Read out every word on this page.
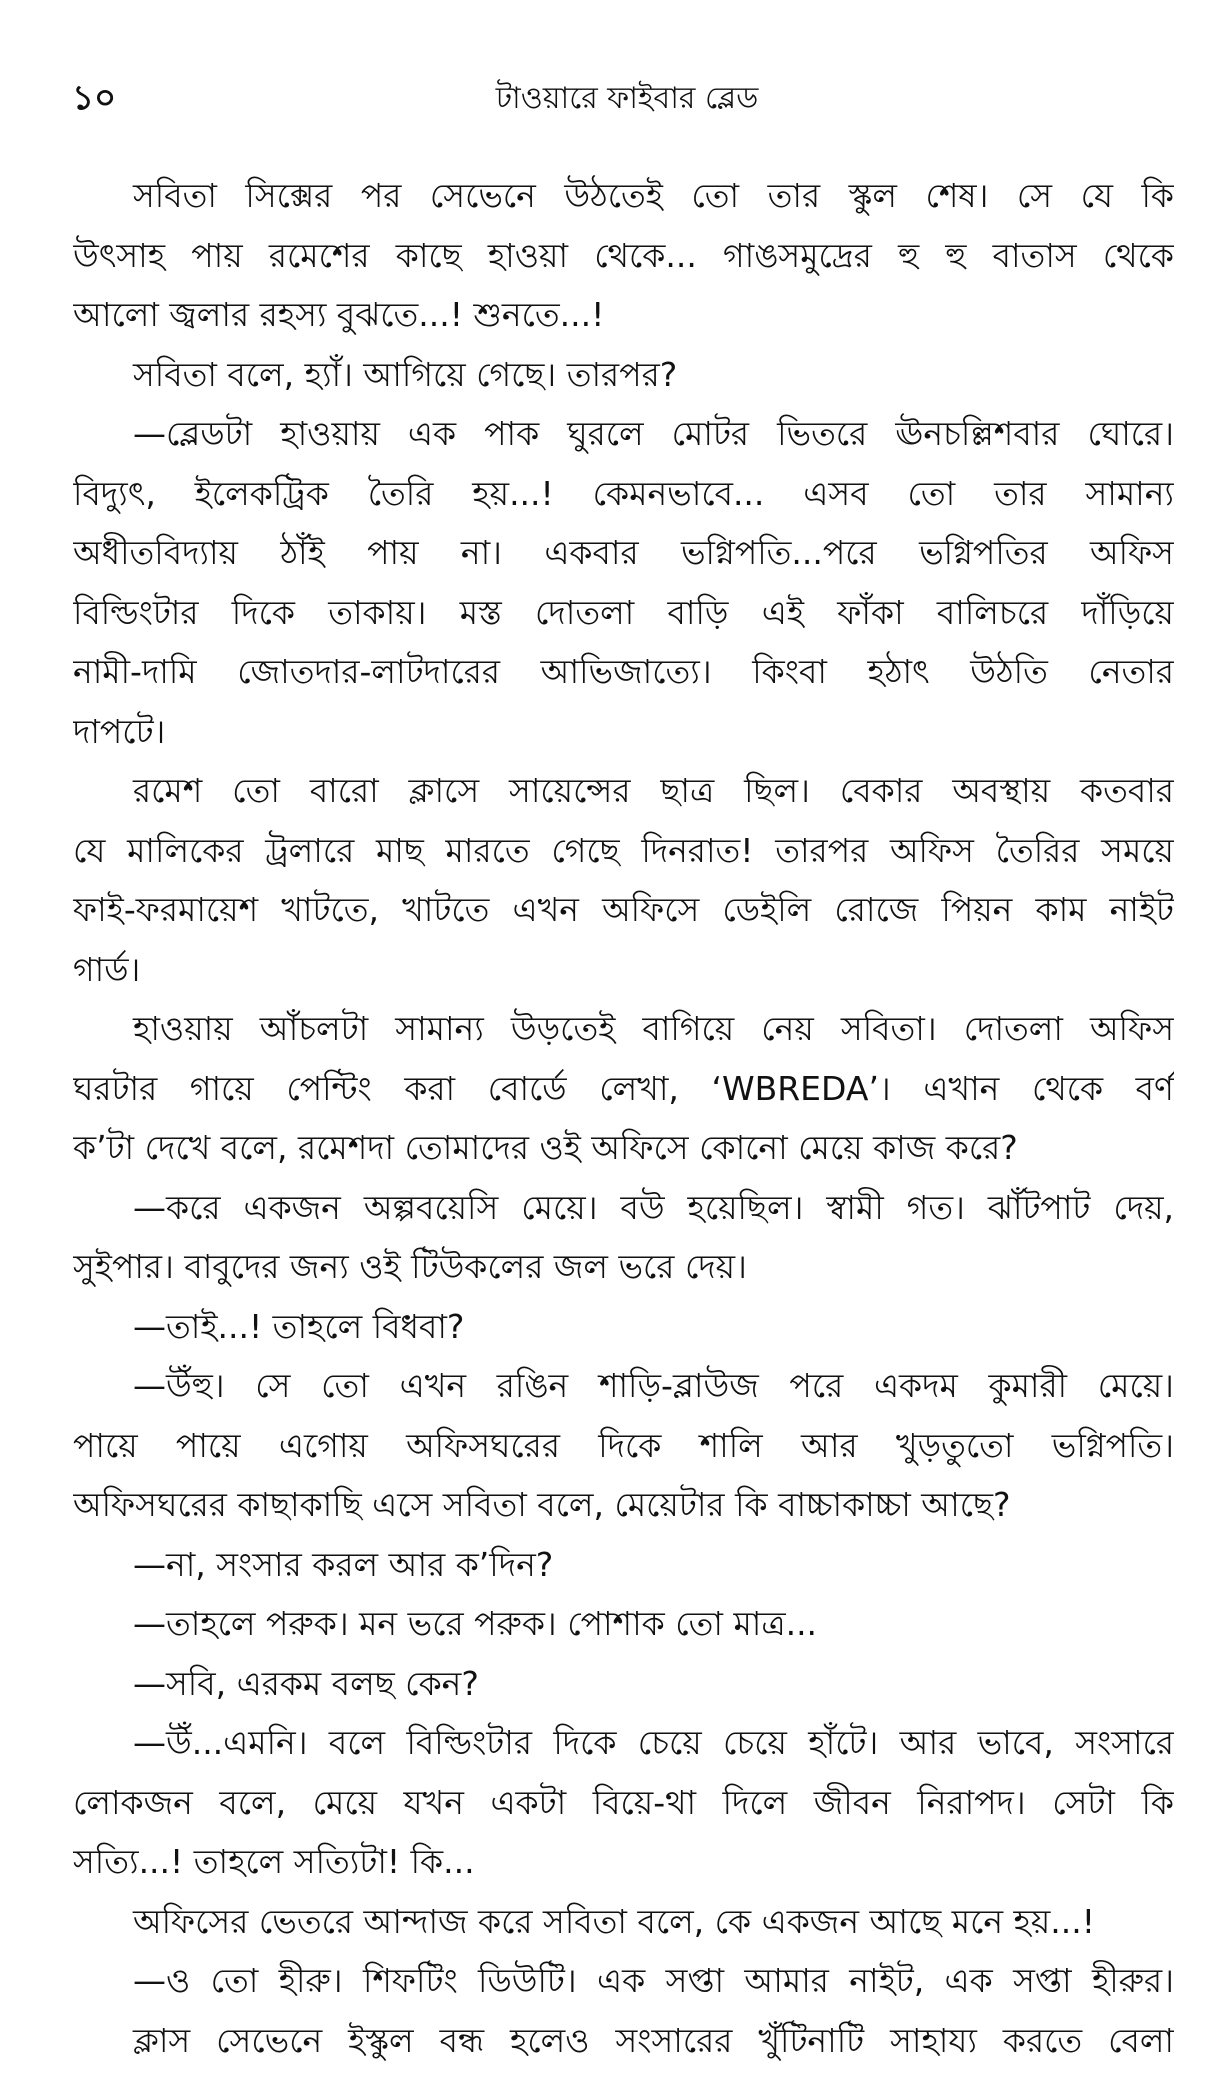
১০	টাওয়ারে ফাইবার ব্লেড
সবিতা সিক্সের পর সেভেনে উঠতেই তো তার স্কুল শেষ। সে যে কি
উৎসাহ পায় রমেশের কাছে হাওয়া থেকে... গাঙসমুদ্রের হু হু বাতাস থেকে
আলো জ্বলার রহস্য বুঝতে...! শুনতে...!
সবিতা বলে, হ্যাঁ। আগিয়ে গেছে। তারপর?
—ব্লেডটা হাওয়ায় এক পাক ঘুরলে মোটর ভিতরে ঊনচল্লিশবার ঘোরে।
বিদ্যুৎ, ইলেকট্রিক তৈরি হয়...! কেমনভাবে... এসব তো তার সামান্য
অধীতবিদ্যায় ঠাঁই পায় না। একবার ভগ্নিপতি...পরে ভগ্নিপতির অফিস
বিল্ডিংটার দিকে তাকায়। মস্ত দোতলা বাড়ি এই ফাঁকা বালিচরে দাঁড়িয়ে
নামী-দামি জোতদার-লাটদারের আভিজাত্যে। কিংবা হঠাৎ উঠতি নেতার
দাপটে।
রমেশ তো বারো ক্লাসে সায়েন্সের ছাত্র ছিল। বেকার অবস্থায় কতবার
যে মালিকের ট্রলারে মাছ মারতে গেছে দিনরাত! তারপর অফিস তৈরির সময়ে
ফাই-ফরমায়েশ খাটতে, খাটতে এখন অফিসে ডেইলি রোজে পিয়ন কাম নাইট
গার্ড।
হাওয়ায় আঁচলটা সামান্য উড়তেই বাগিয়ে নেয় সবিতা। দোতলা অফিস
ঘরটার গায়ে পেন্টিং করা বোর্ডে লেখা, ‘WBREDA’। এখান থেকে বর্ণ
ক’টা দেখে বলে, রমেশদা তোমাদের ওই অফিসে কোনো মেয়ে কাজ করে?
—করে একজন অল্পবয়েসি মেয়ে। বউ হয়েছিল। স্বামী গত। ঝাঁটপাট দেয়,
সুইপার। বাবুদের জন্য ওই টিউকলের জল ভরে দেয়।
—তাই...! তাহলে বিধবা?
—উঁহু। সে তো এখন রঙিন শাড়ি-ব্লাউজ পরে একদম কুমারী মেয়ে।
পায়ে পায়ে এগোয় অফিসঘরের দিকে শালি আর খুড়তুতো ভগ্নিপতি।
অফিসঘরের কাছাকাছি এসে সবিতা বলে, মেয়েটার কি বাচ্চাকাচ্চা আছে?
—না, সংসার করল আর ক’দিন?
—তাহলে পরুক। মন ভরে পরুক। পোশাক তো মাত্র...
—সবি, এরকম বলছ কেন?
—উঁ...এমনি। বলে বিল্ডিংটার দিকে চেয়ে চেয়ে হাঁটে। আর ভাবে, সংসারে
লোকজন বলে, মেয়ে যখন একটা বিয়ে-থা দিলে জীবন নিরাপদ। সেটা কি
সত্যি...! তাহলে সত্যিটা! কি...
অফিসের ভেতরে আন্দাজ করে সবিতা বলে, কে একজন আছে মনে হয়...!
—ও তো হীরু। শিফটিং ডিউটি। এক সপ্তা আমার নাইট, এক সপ্তা হীরুর।
ক্লাস সেভেনে ইস্কুল বন্ধ হলেও সংসারের খুঁটিনাটি সাহায্য করতে বেলা
